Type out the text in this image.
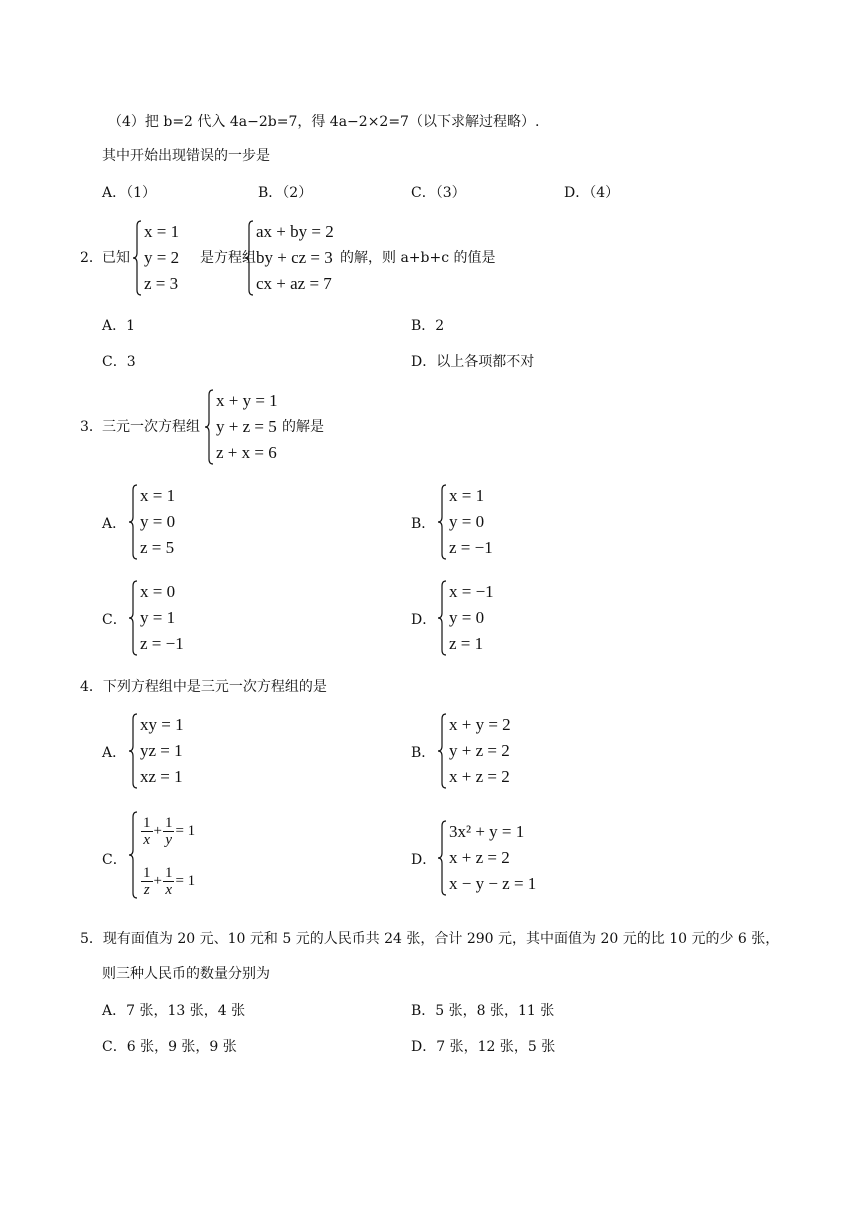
（4）把 b=2 代入 4a−2b=7，得 4a−2×2=7（以下求解过程略）.
其中开始出现错误的一步是
A．（1）	B．（2）	C．（3）	D．（4）
2． 已知
x = 1
y = 2
z = 3
是方程组
ax + by = 2
by + cz = 3
cx + az = 7
的解，则 a+b+c 的值是
A．1	B．2
C．3	D．以上各项都不对
3． 三元一次方程组
x + y = 1
y + z = 5
z + x = 6
的解是
A．
x = 1
y = 0
z = 5
B．
x = 1
y = 0
z = −1
C．
x = 0
y = 1
z = −1
D．
x = −1
y = 0
z = 1
4．下列方程组中是三元一次方程组的是
A．
xy = 1
yz = 1
xz = 1
B．
x + y = 2
y + z = 2
x + z = 2
C．
$\frac{1}{x} + \frac{1}{y} = 1$
$\frac{1}{z} + \frac{1}{x} = 1$
D．
3x² + y = 1
x + z = 2
x − y − z = 1
5．现有面值为 20 元、10 元和 5 元的人民币共 24 张，合计 290 元，其中面值为 20 元的比 10 元的少 6 张，
则三种人民币的数量分别为
A．7 张，13 张，4 张	B．5 张，8 张，11 张
C．6 张，9 张，9 张	D．7 张，12 张，5 张
